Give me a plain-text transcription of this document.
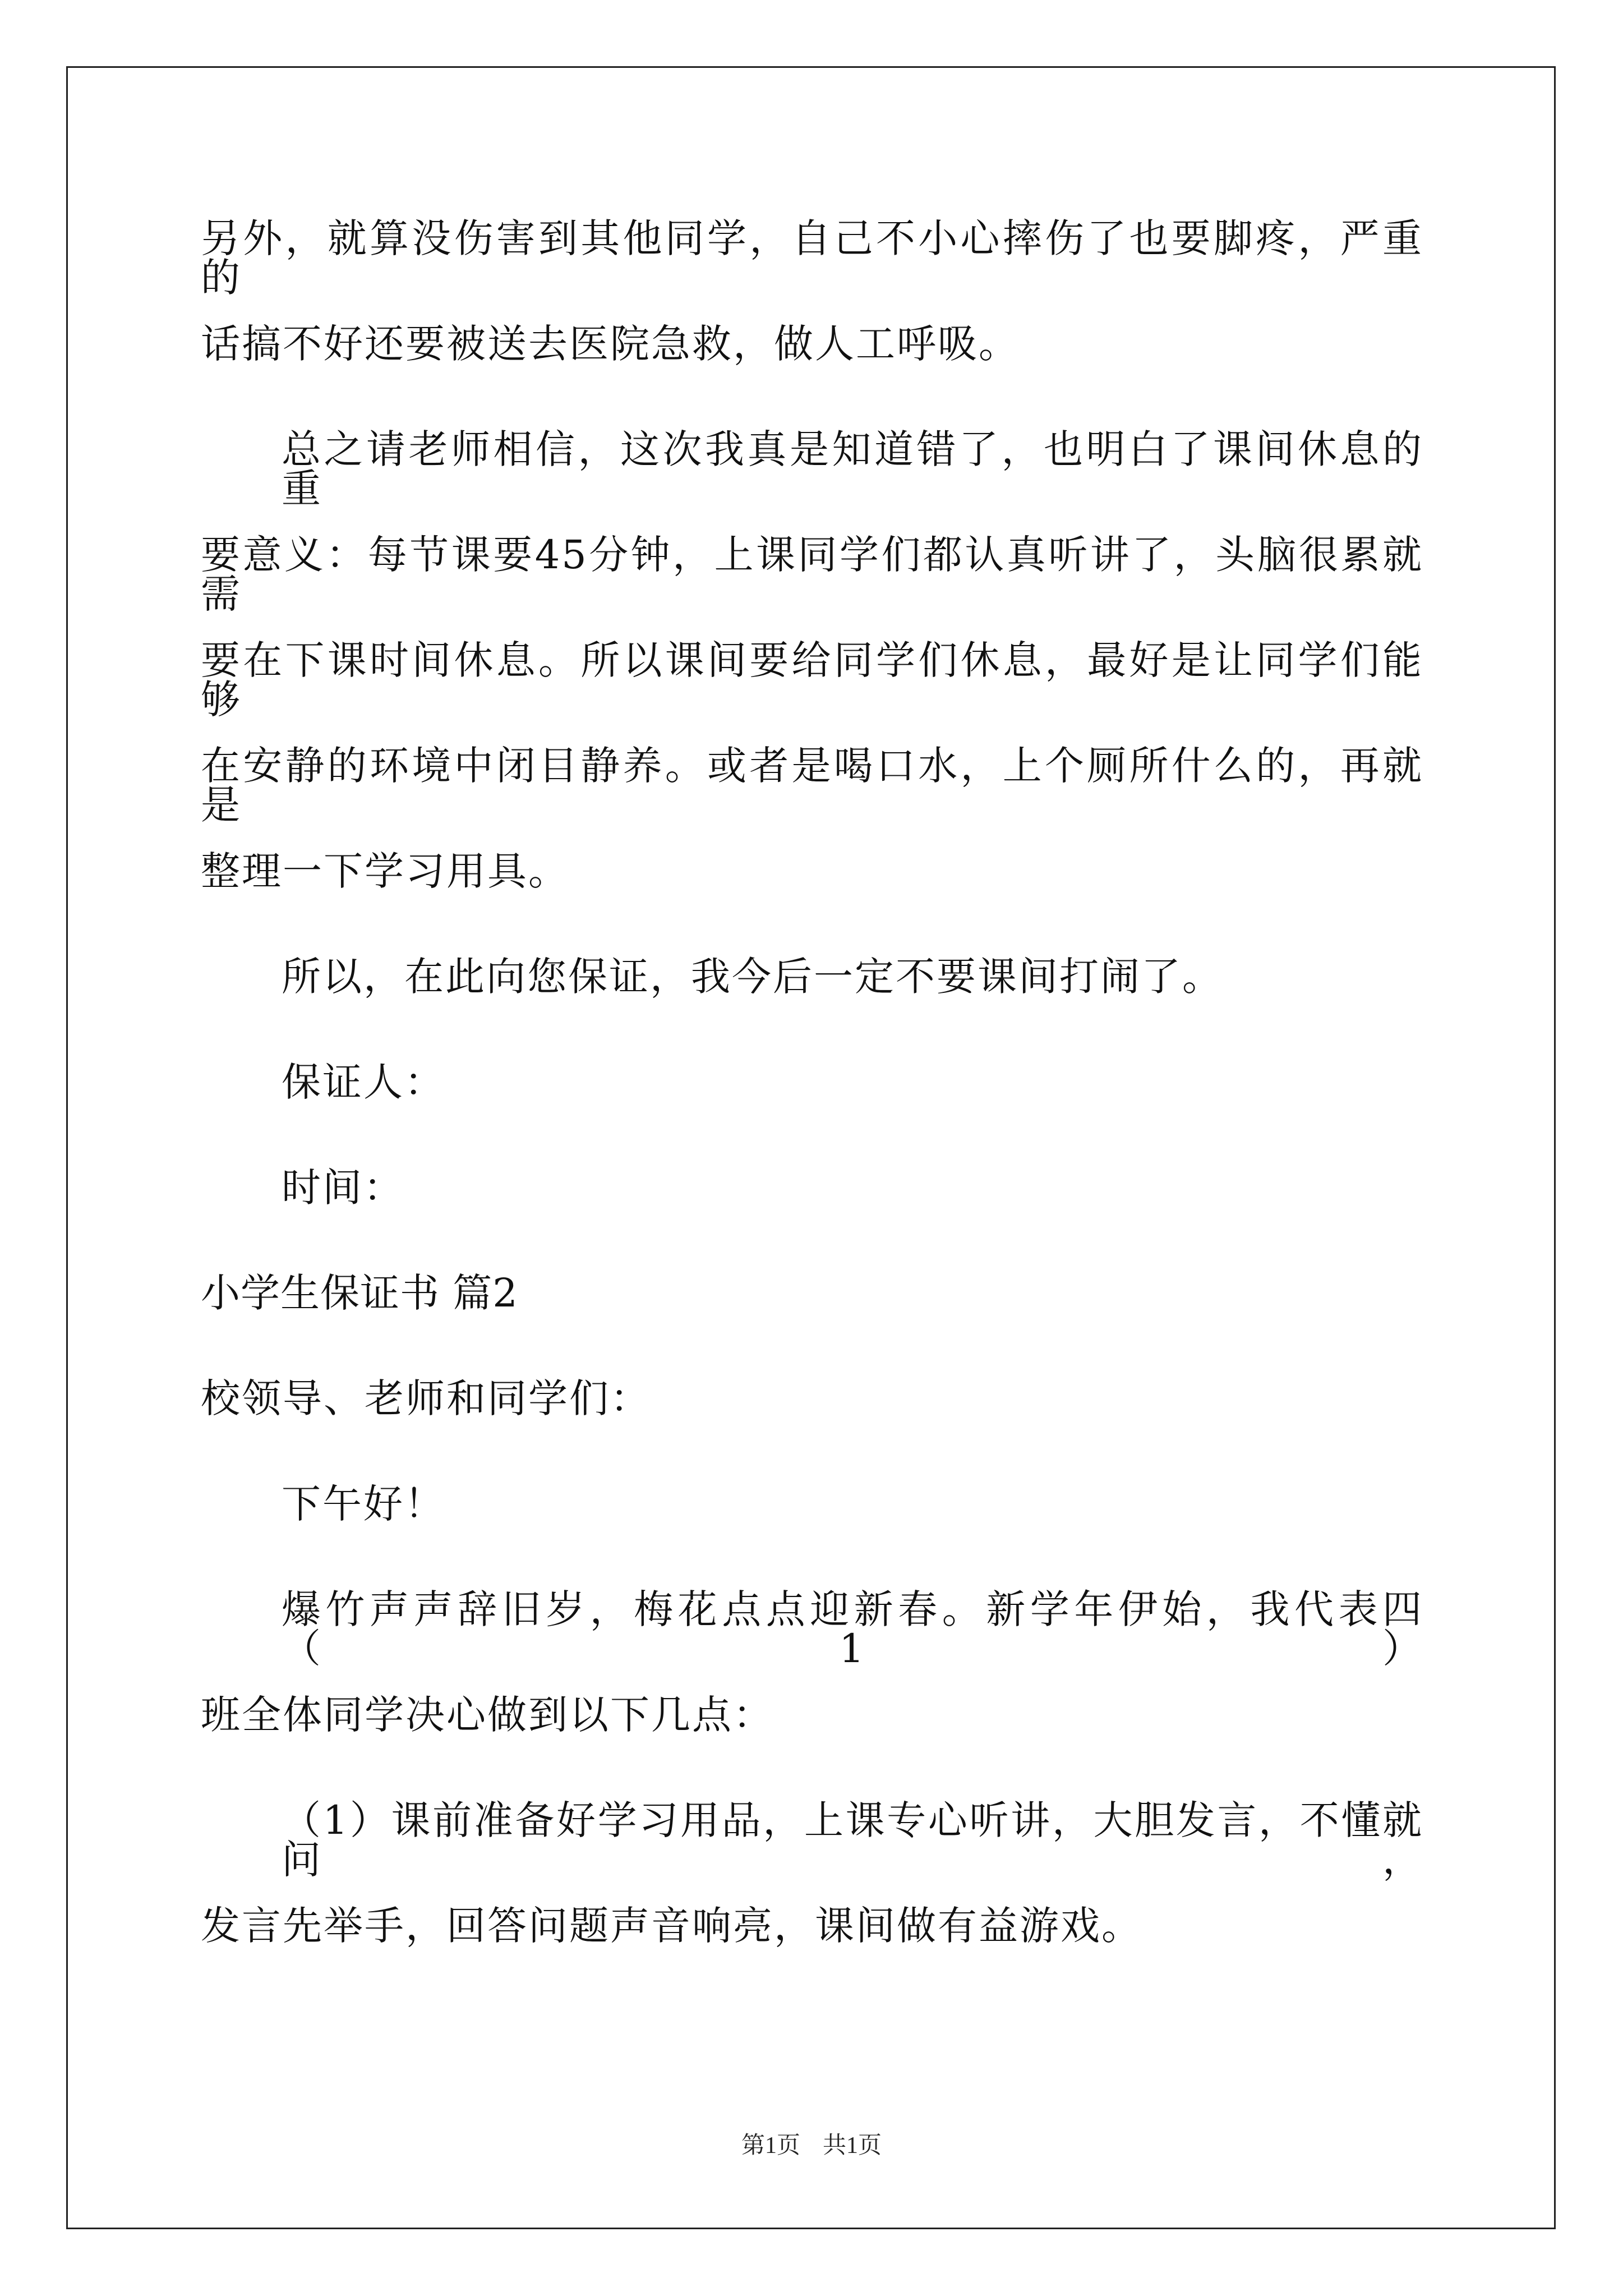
另外，就算没伤害到其他同学，自己不小心摔伤了也要脚疼，严重的
话搞不好还要被送去医院急救，做人工呼吸。
总之请老师相信，这次我真是知道错了，也明白了课间休息的重
要意义：每节课要45分钟，上课同学们都认真听讲了，头脑很累就需
要在下课时间休息。所以课间要给同学们休息，最好是让同学们能够
在安静的环境中闭目静养。或者是喝口水，上个厕所什么的，再就是
整理一下学习用具。
所以，在此向您保证，我今后一定不要课间打闹了。
保证人：
时间：
小学生保证书 篇2
校领导、老师和同学们：
下午好！
爆竹声声辞旧岁，梅花点点迎新春。新学年伊始，我代表四（1）
班全体同学决心做到以下几点：
（1）课前准备好学习用品，上课专心听讲，大胆发言，不懂就问，
发言先举手，回答问题声音响亮，课间做有益游戏。
第1页 共1页
